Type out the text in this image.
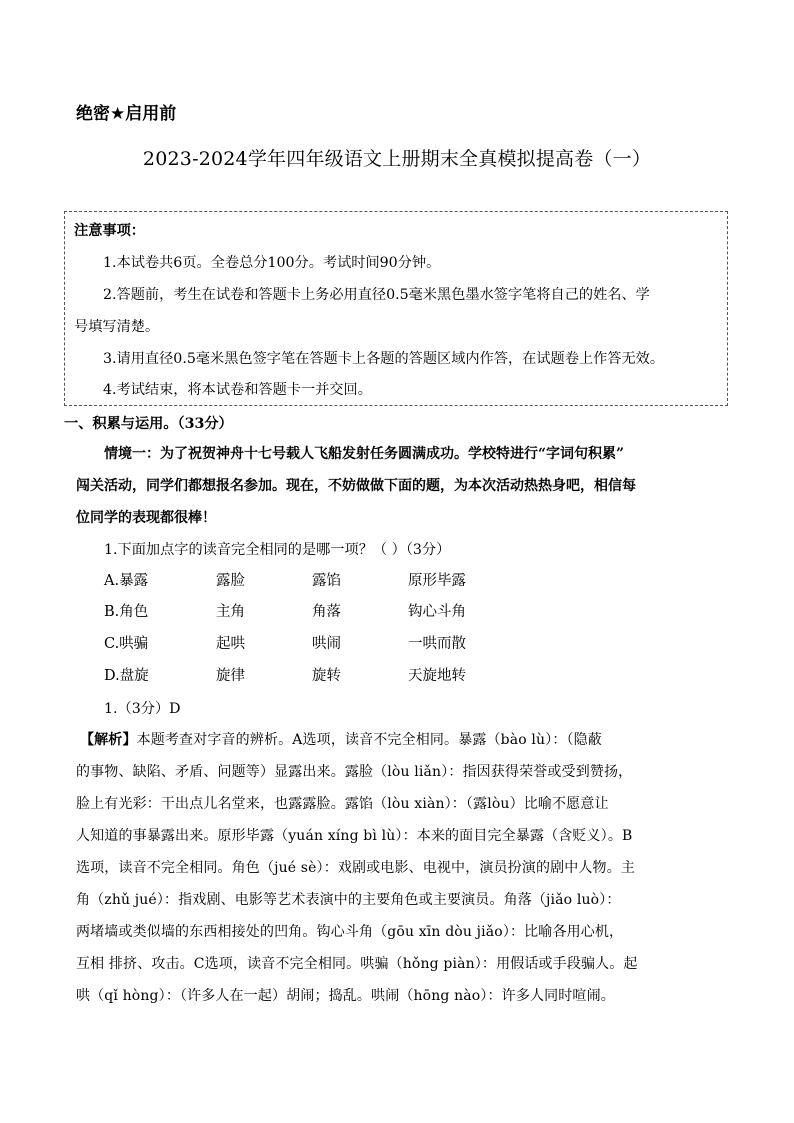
绝密★启用前
2023-2024学年四年级语文上册期末全真模拟提高卷（一）
注意事项：
1.本试卷共6页。全卷总分100分。考试时间90分钟。
2.答题前，考生在试卷和答题卡上务必用直径0.5毫米黑色墨水签字笔将自己的姓名、学
号填写清楚。
3.请用直径0.5毫米黑色签字笔在答题卡上各题的答题区域内作答，在试题卷上作答无效。
4.考试结束，将本试卷和答题卡一并交回。
一、积累与运用。（33分）
情境一：为了祝贺神舟十七号载人飞船发射任务圆满成功。学校特进行“字词句积累”
闯关活动，同学们都想报名参加。现在，不妨做做下面的题，为本次活动热热身吧，相信每
位同学的表现都很棒！
1.下面加点字的读音完全相同的是哪一项？（ ）（3分）
A.暴露	露脸	露馅	原形毕露
B.角色	主角	角落	钩心斗角
C.哄骗	起哄	哄闹	一哄而散
D.盘旋	旋律	旋转	天旋地转
1.（3分）D
【解析】本题考查对字音的辨析。A选项，读音不完全相同。暴露（bào lù）：（隐蔽
的事物、缺陷、矛盾、问题等）显露出来。露脸（lòu liǎn）：指因获得荣誉或受到赞扬，
脸上有光彩：干出点儿名堂来，也露露脸。露馅（lòu xiàn）：（露lòu）比喻不愿意让
人知道的事暴露出来。原形毕露（yuán xíng bì lù）：本来的面目完全暴露（含贬义）。B
选项，读音不完全相同。角色（jué sè）：戏剧或电影、电视中，演员扮演的剧中人物。主
角（zhǔ jué）：指戏剧、电影等艺术表演中的主要角色或主要演员。角落（jiǎo luò）：
两堵墙或类似墙的东西相接处的凹角。钩心斗角（gōu xīn dòu jiǎo）：比喻各用心机，
互相 排挤、攻击。C选项，读音不完全相同。哄骗（hǒng piàn）：用假话或手段骗人。起
哄（qǐ hòng）：（许多人在一起）胡闹；捣乱。哄闹（hōng nào）：许多人同时喧闹。
